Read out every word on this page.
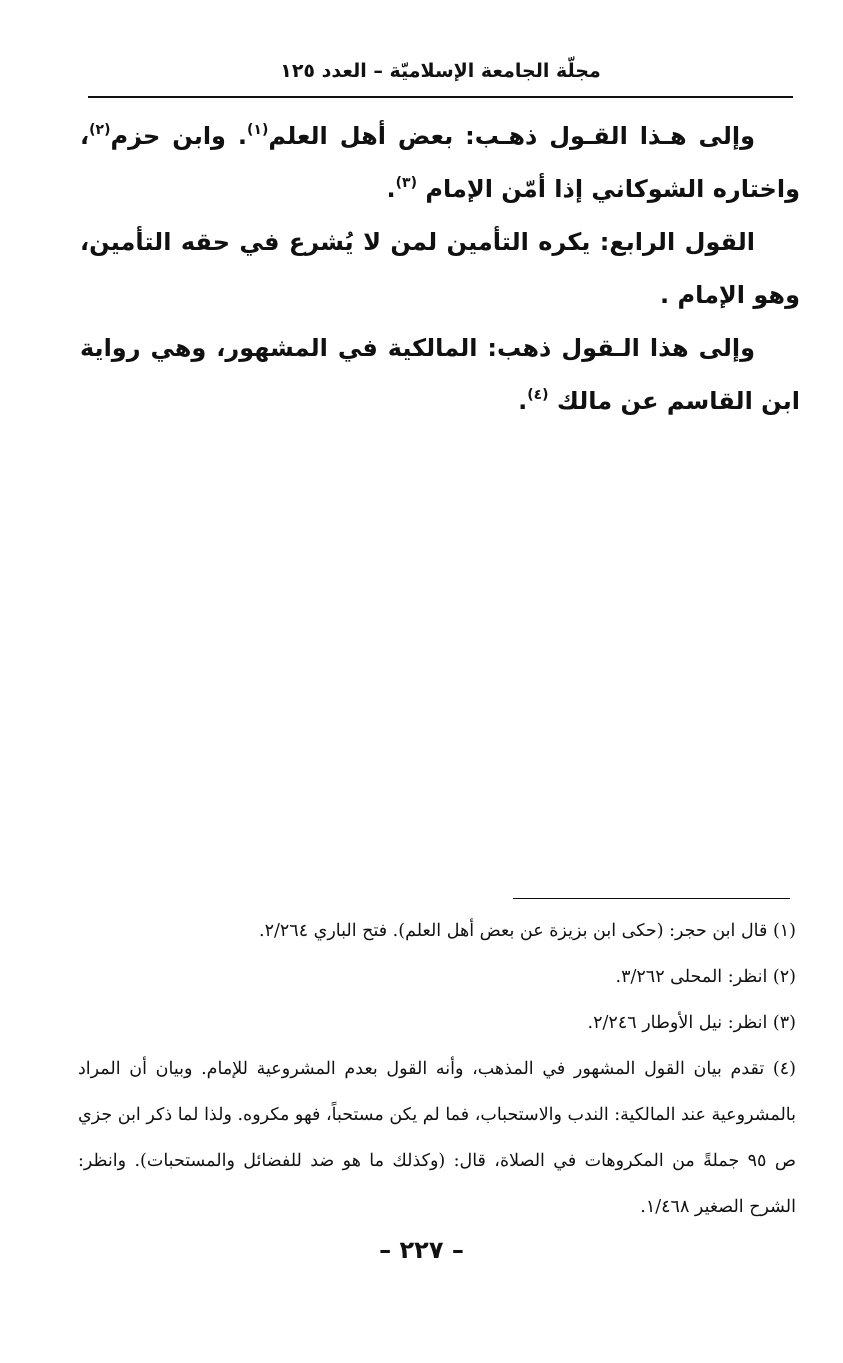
مجلّة الجامعة الإسلاميّة – العدد ١٢٥

وإلى هـذا القـول ذهـب: بعض أهل العلم$^{(١)}$. وابن حزم$^{(٢)}$، واختاره الشوكاني إذا أمّن الإمام $^{(٣)}$.

القول الرابع: يكره التأمين لمن لا يُشرع في حقه التأمين، وهو الإمام .

وإلى هذا الـقول ذهب: المالكية في المشهور، وهي رواية ابن القاسم عن مالك $^{(٤)}$.

(١) قال ابن حجر: (حكى ابن بزيزة عن بعض أهل العلم). فتح الباري ٢/٢٦٤.

(٢) انظر: المحلى ٣/٢٦٢.

(٣) انظر: نيل الأوطار ٢/٢٤٦.

(٤) تقدم بيان القول المشهور في المذهب، وأنه القول بعدم المشروعية للإمام. وبيان أن المراد بالمشروعية عند المالكية: الندب والاستحباب، فما لم يكن مستحباً، فهو مكروه. ولذا لما ذكر ابن جزي ص ٩٥ جملةً من المكروهات في الصلاة، قال: (وكذلك ما هو ضد للفضائل والمستحبات). وانظر: الشرح الصغير ١/٤٦٨.

– ٢٢٧ –
